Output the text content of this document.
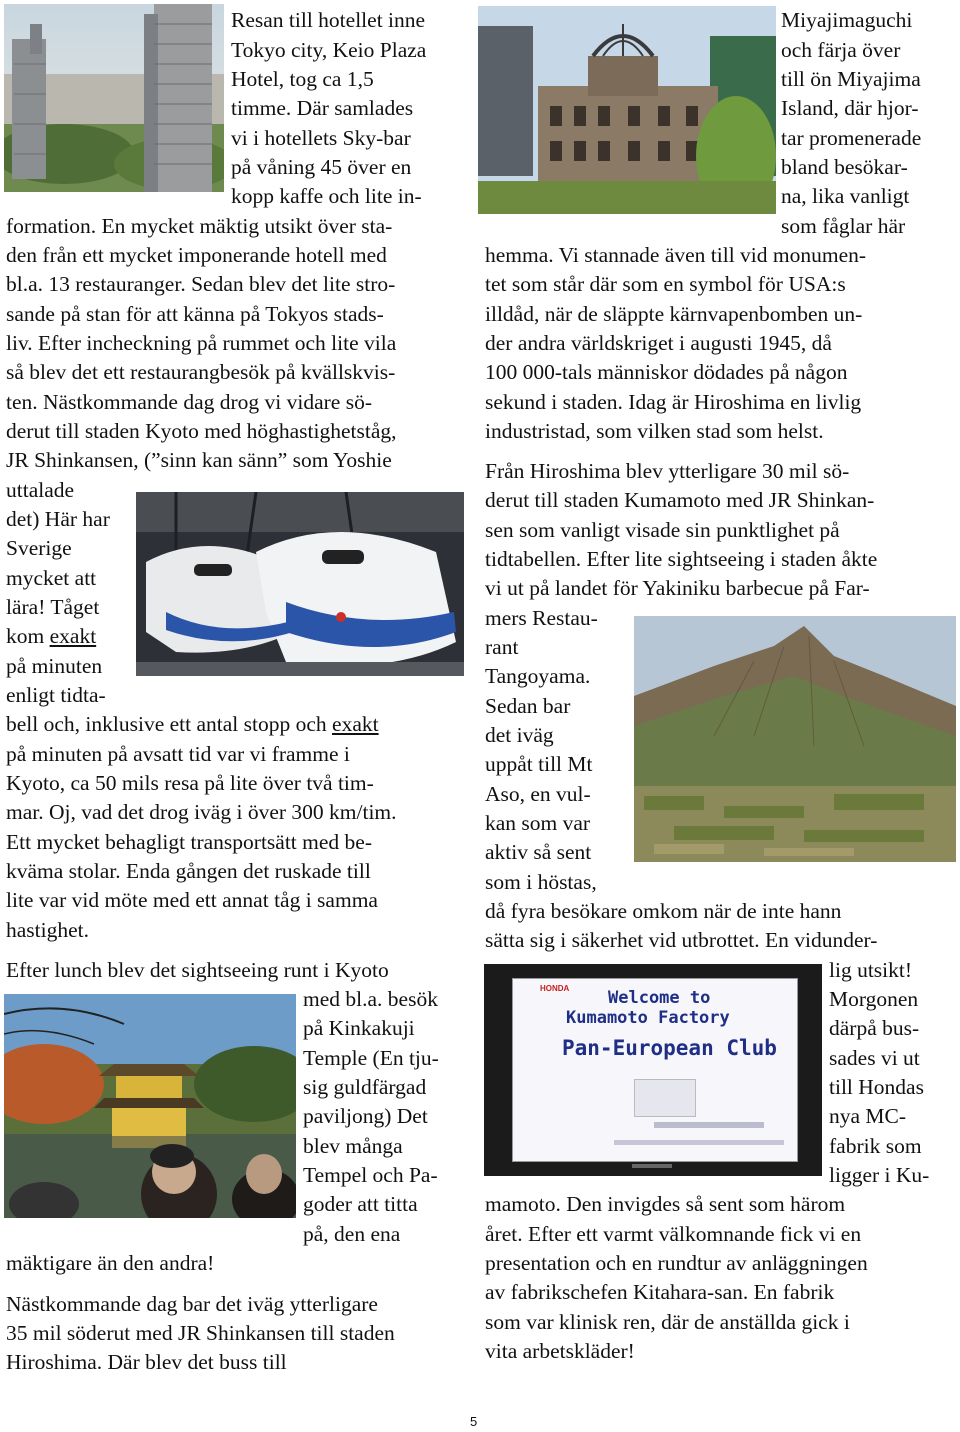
HONDA Welcome to
Kumamoto Factory
Pan-European Club

Resan till hotellet inne

Tokyo city, Keio Plaza

Hotel, tog ca 1,5

timme. Där samlades

vi i hotellets Sky-bar

på våning 45 över en

kopp kaffe och lite in-

formation. En mycket mäktig utsikt över sta-

den från ett mycket imponerande hotell med

bl.a. 13 restauranger. Sedan blev det lite stro-

sande på stan för att känna på Tokyos stads-

liv. Efter incheckning på rummet och lite vila

så blev det ett restaurangbesök på kvällskvis-

ten. Nästkommande dag drog vi vidare sö-

derut till staden Kyoto med höghastighetståg,

JR Shinkansen, (”sinn kan sänn” som Yoshie

uttalade

det) Här har

Sverige

mycket att

lära! Tåget

kom exakt

på minuten

enligt tidta-

bell och, inklusive ett antal stopp och exakt

på minuten på avsatt tid var vi framme i

Kyoto, ca 50 mils resa på lite över två tim-

mar. Oj, vad det drog iväg i över 300 km/tim.

Ett mycket behagligt transportsätt med be-

kväma stolar. Enda gången det ruskade till

lite var vid möte med ett annat tåg i samma

hastighet.

Efter lunch blev det sightseeing runt i Kyoto

med bl.a. besök

på Kinkakuji

Temple (En tju-

sig guldfärgad

paviljong) Det

blev många

Tempel och Pa-

goder att titta

på, den ena

mäktigare än den andra!

Nästkommande dag bar det iväg ytterligare

35 mil söderut med JR Shinkansen till staden

Hiroshima. Där blev det buss till

Miyajimaguchi

och färja över

till ön Miyajima

Island, där hjor-

tar promenerade

bland besökar-

na, lika vanligt

som fåglar här

hemma. Vi stannade även till vid monumen-

tet som står där som en symbol för USA:s

illdåd, när de släppte kärnvapenbomben un-

der andra världskriget i augusti 1945, då

100 000-tals människor dödades på någon

sekund i staden. Idag är Hiroshima en livlig

industristad, som vilken stad som helst.

Från Hiroshima blev ytterligare 30 mil sö-

derut till staden Kumamoto med JR Shinkan-

sen som vanligt visade sin punktlighet på

tidtabellen. Efter lite sightseeing i staden åkte

vi ut på landet för Yakiniku barbecue på Far-

mers Restau-

rant

Tangoyama.

Sedan bar

det iväg

uppåt till Mt

Aso, en vul-

kan som var

aktiv så sent

som i höstas,

då fyra besökare omkom när de inte hann

sätta sig i säkerhet vid utbrottet. En vidunder-

lig utsikt!

Morgonen

därpå bus-

sades vi ut

till Hondas

nya MC-

fabrik som

ligger i Ku-

mamoto. Den invigdes så sent som härom

året. Efter ett varmt välkomnande fick vi en

presentation och en rundtur av anläggningen

av fabrikschefen Kitahara-san. En fabrik

som var klinisk ren, där de anställda gick i

vita arbetskläder!

5
